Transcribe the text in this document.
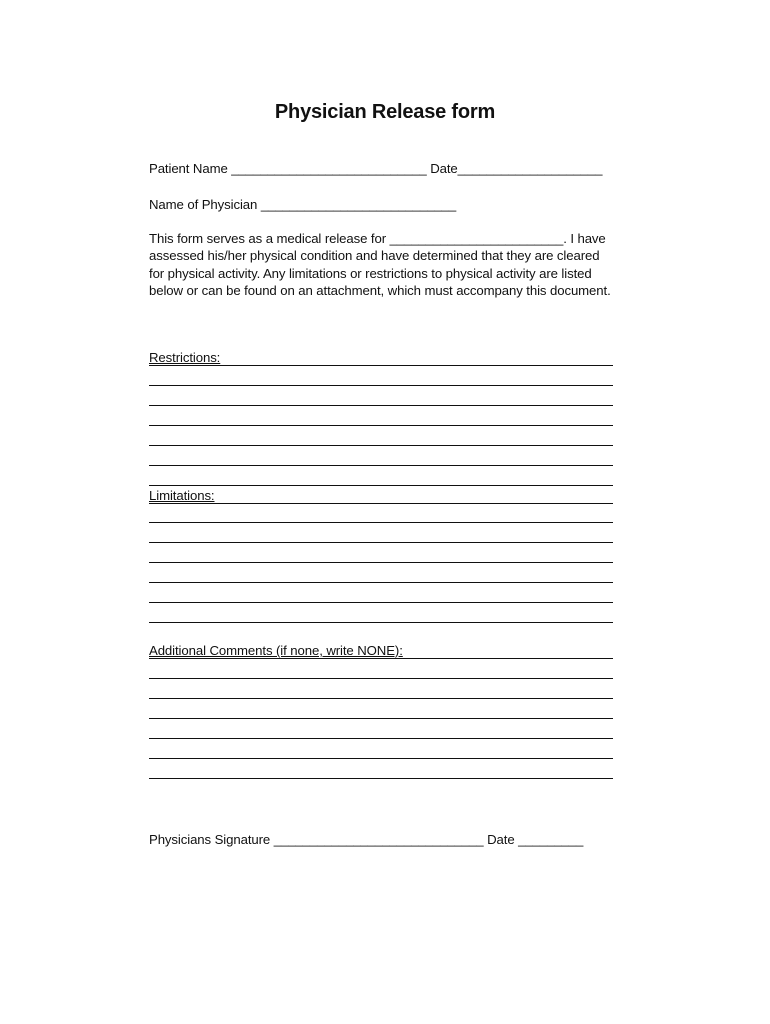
Physician Release form
Patient Name ___________________________ Date____________________
Name of Physician ___________________________
This form serves as a medical release for ________________________. I have
assessed his/her physical condition and have determined that they are cleared
for physical activity. Any limitations or restrictions to physical activity are listed
below or can be found on an attachment, which must accompany this document.
Restrictions:
Limitations:
Additional Comments (if none, write NONE):
Physicians Signature _____________________________ Date _________
